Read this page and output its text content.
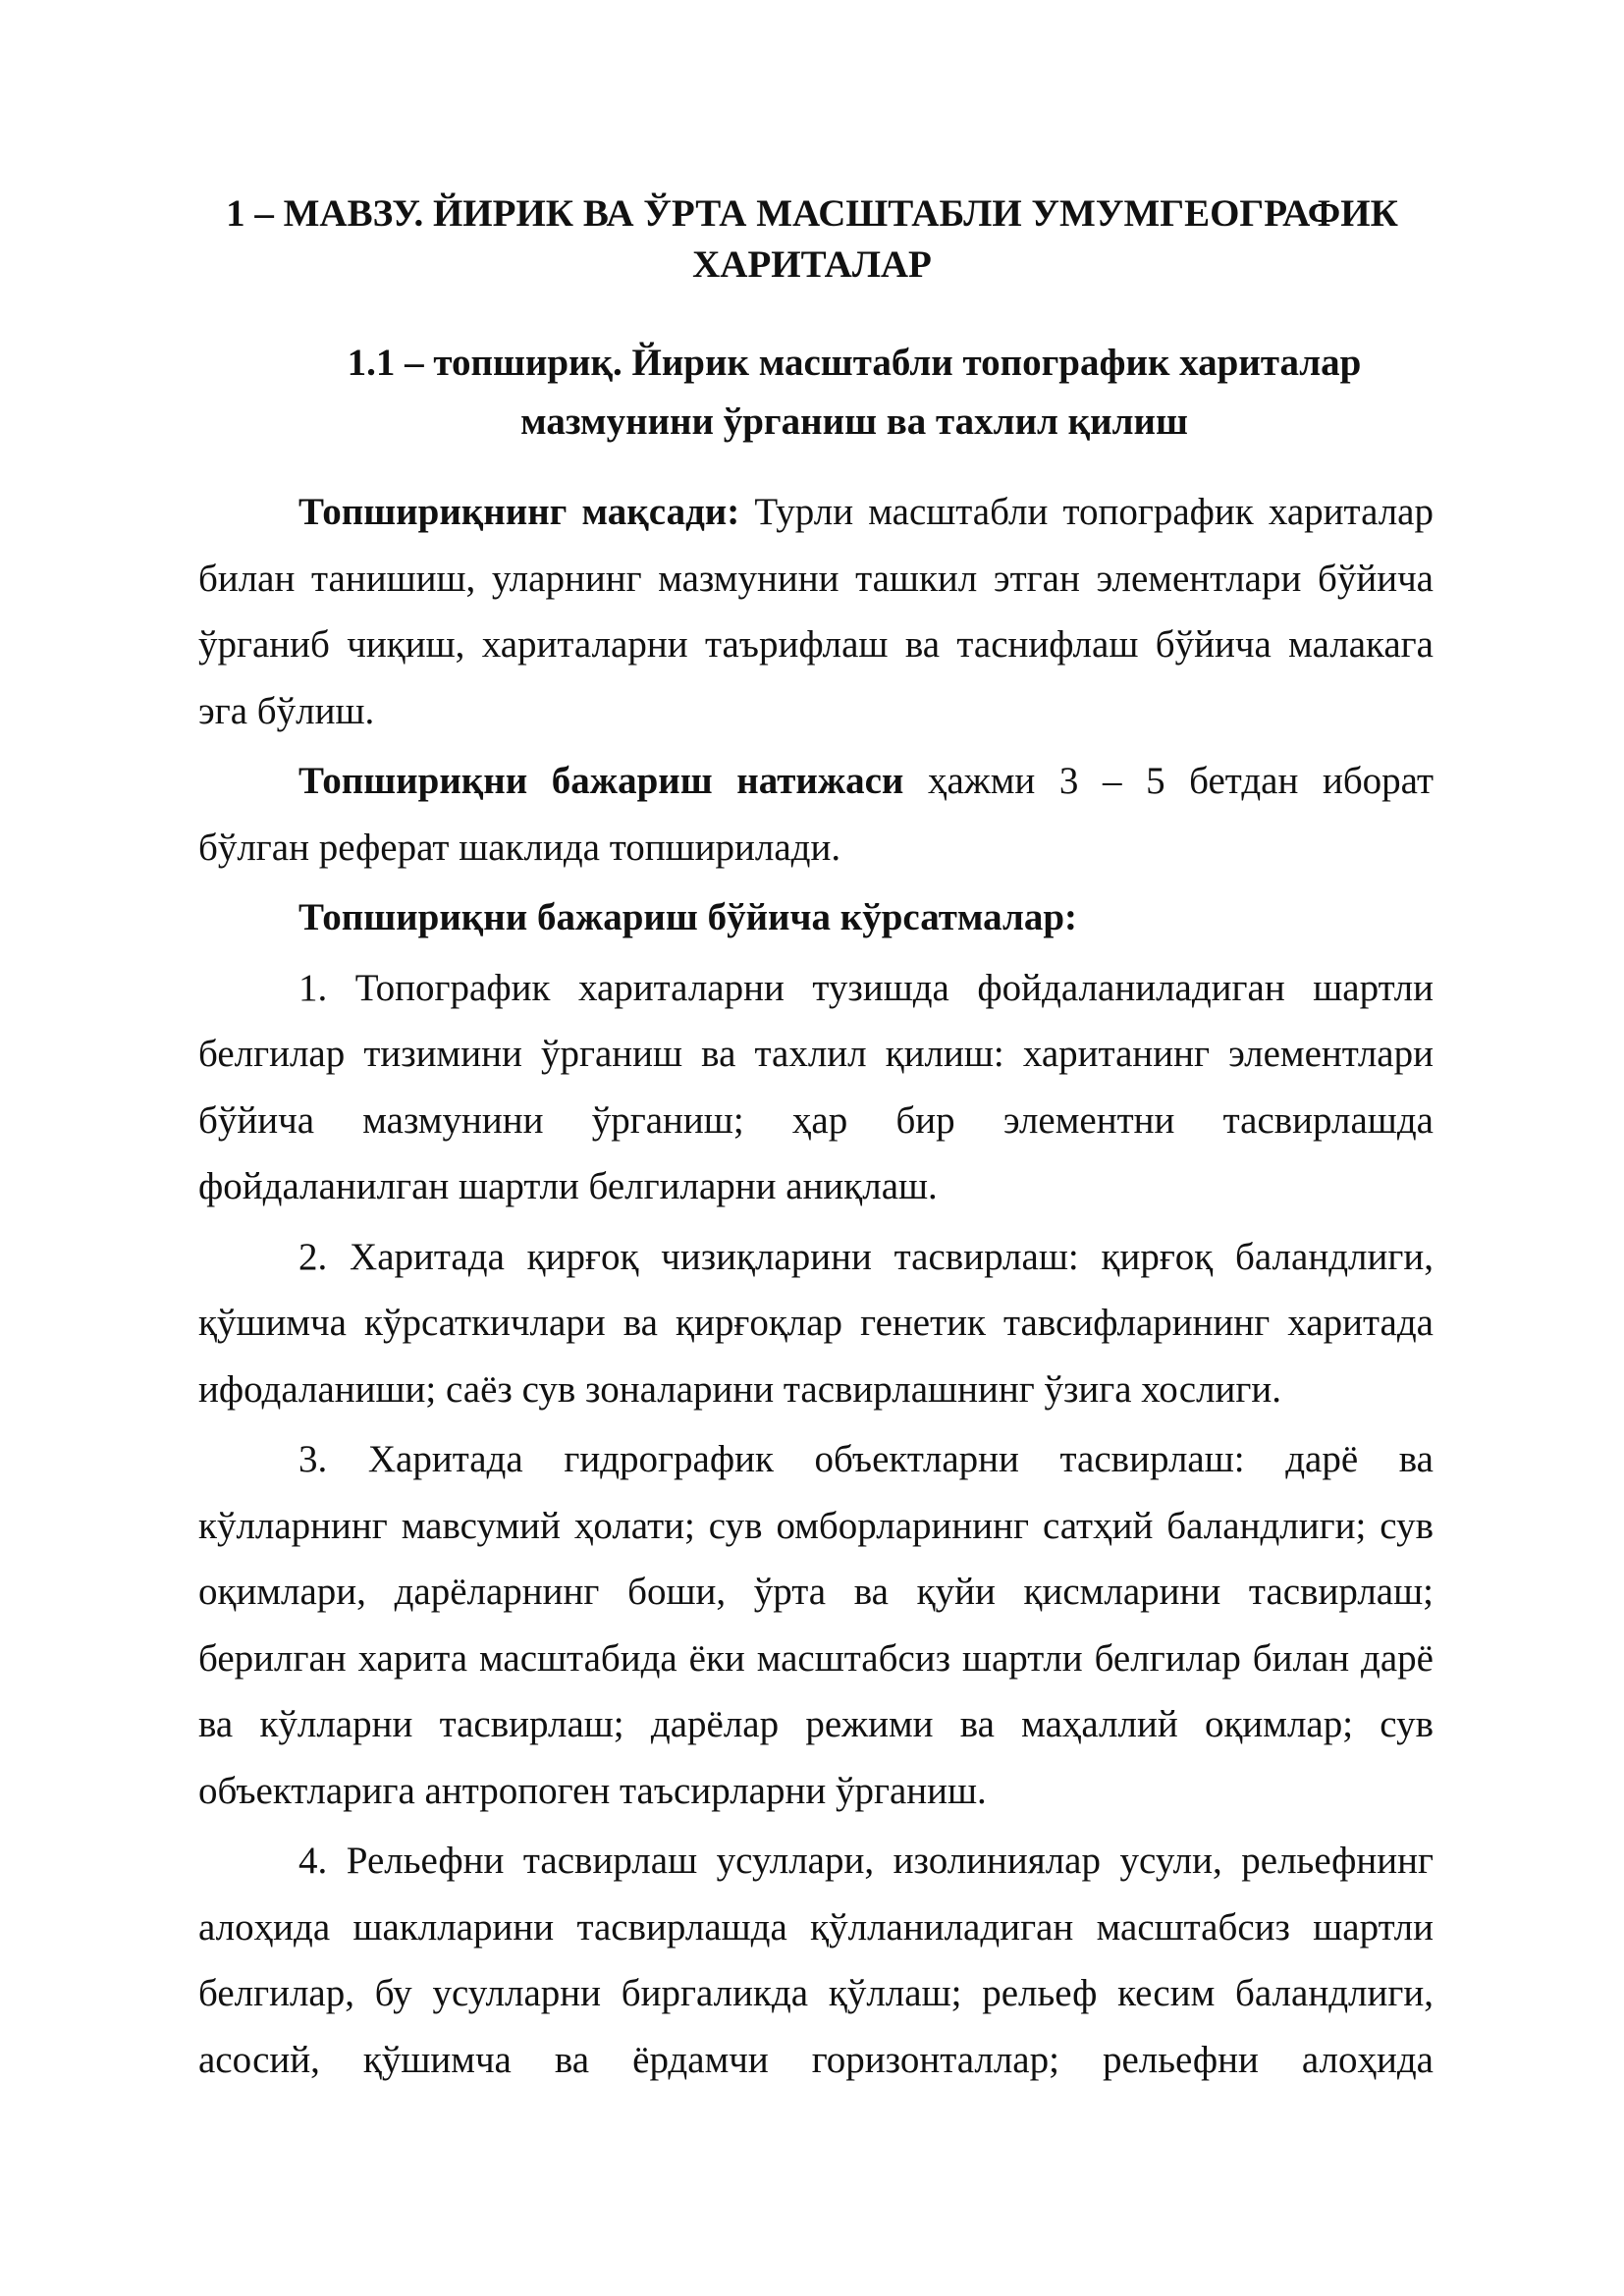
1 – МАВЗУ. ЙИРИК ВА ЎРТА МАСШТАБЛИ УМУМГЕОГРАФИК
ХАРИТАЛАР
1.1 – топшириқ. Йирик масштабли топографик хариталар
мазмунини ўрганиш ва тахлил қилиш

Топшириқнинг мақсади: Турли масштабли топографик хариталар билан танишиш, уларнинг мазмунини ташкил этган элементлари бўйича ўрганиб чиқиш, хариталарни таърифлаш ва таснифлаш бўйича малакага эга бўлиш.

Топшириқни бажариш натижаси ҳажми 3 – 5 бетдан иборат бўлган реферат шаклида топширилади.

Топшириқни бажариш бўйича кўрсатмалар:

1. Топографик хариталарни тузишда фойдаланиладиган шартли белгилар тизимини ўрганиш ва тахлил қилиш: хаританинг элементлари бўйича мазмунини ўрганиш; ҳар бир элементни тасвирлашда фойдаланилган шартли белгиларни аниқлаш.

2. Харитада қирғоқ чизиқларини тасвирлаш: қирғоқ баландлиги, қўшимча кўрсаткичлари ва қирғоқлар генетик тавсифларининг харитада ифодаланиши; саёз сув зоналарини тасвирлашнинг ўзига хослиги.

3. Харитада гидрографик объектларни тасвирлаш: дарё ва кўлларнинг мавсумий ҳолати; сув омборларининг сатҳий баландлиги; сув оқимлари, дарёларнинг боши, ўрта ва қуйи қисмларини тасвирлаш; берилган харита масштабида ёки масштабсиз шартли белгилар билан дарё ва кўлларни тасвирлаш; дарёлар режими ва маҳаллий оқимлар; сув объектларига антропоген таъсирларни ўрганиш.

4. Рельефни тасвирлаш усуллари, изолиниялар усули, рельефнинг алоҳида шаклларини тасвирлашда қўлланиладиган масштабсиз шартли белгилар, бу усулларни биргаликда қўллаш; рельеф кесим баландлиги, асосий, қўшимча ва ёрдамчи горизонталлар; рельефни алоҳида
